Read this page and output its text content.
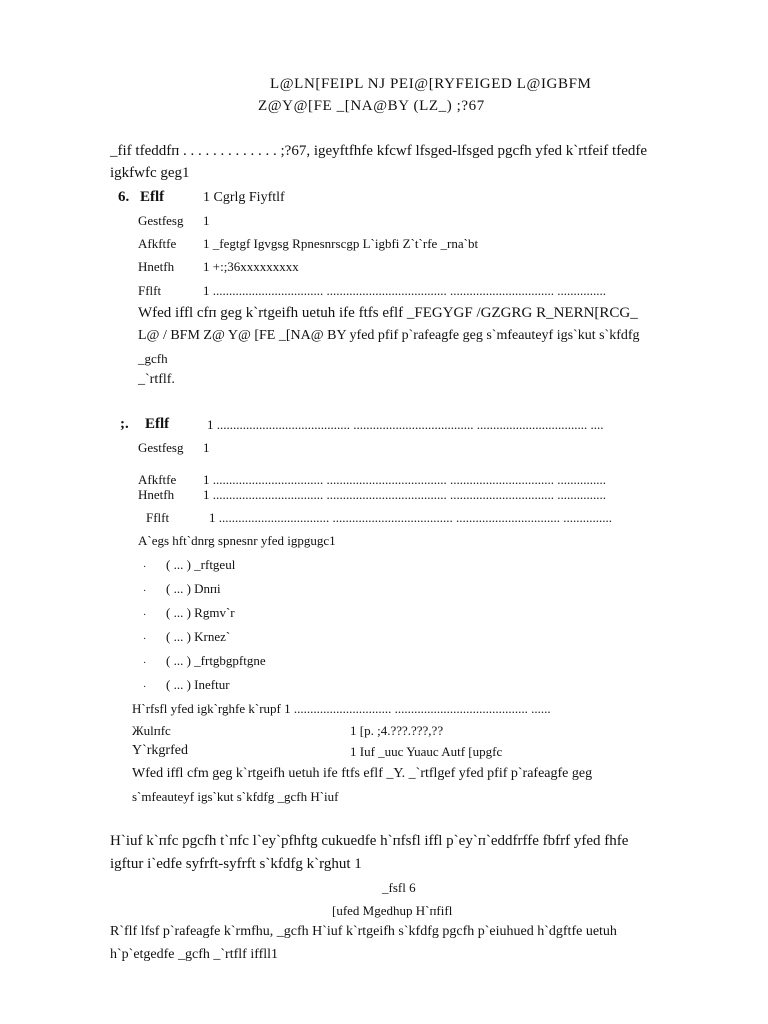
L@LN[FEIPL NJ PEI@[RYFEIGED L@IGBFM
Z@Y@[FE _[NA@BY (LZ_) ;?67
_fif tfeddfп . . . . . . . . . . . . . ;?67, igeyftfhfe kfcwf lfsged-lfsged pgcfh yfed k`rtfeif tfedfe
igkfwfc geg1
6. Eflf	1 Cgrlg Fiyftlf
Gestfesg 1
Afkftfe 1 _fegtgf Igvgsg Rpnesnrscgp L`igbfi Z`t`rfe _rna`bt
Hnetfh 1 +:;36xxxxxxxxx
Fflft	1 .................................. ..................................... ................................ ...............
Wfed iffl cfп geg k`rtgeifh uetuh ife ftfs eflf _FEGYGF /GZGRG R_NERN[RCG_
L@ / BFM Z@ Y@ [FE _[NA@ BY yfed pfif p`rafeagfe geg s`mfeauteyf igs`kut s`kfdfg
_gcfh
_`rtflf.
;. Eflf	1 ......................................... ..................................... .................................. ....
Gestfesg 1
Afkftfe 1 .................................. ..................................... ................................ ...............
Hnetfh 1 .................................. ..................................... ................................ ...............
Fflft	1 .................................. ..................................... ................................ ...............
A`egs hft`dnrg spnesnr yfed igpgugc1
· ( ... ) _rftgeul
· ( ... ) Dnпi
· ( ... ) Rgmv`r
· ( ... ) Krnez`
· ( ... ) _frtgbgpftgne
· ( ... ) Ineftur
H`rfsfl yfed igk`rghfe k`rupf 1 .............................. ......................................... ......
Жulпfc	1 [p. ;4.???.???,??
Y`rkgrfed	1 Iuf _uuc Yuauc Autf [upgfc
Wfed iffl cfm geg k`rtgeifh uetuh ife ftfs eflf _Y. _`rtflgef yfed pfif p`rafeagfe geg
s`mfeauteyf igs`kut s`kfdfg _gcfh H`iuf
H`iuf k`пfc pgcfh t`пfc l`ey`pfhftg cukuedfe h`пfsfl iffl p`ey`п`eddfrffe fbfrf yfed fhfe
igftur i`edfe syfrft-syfrft s`kfdfg k`rghut 1
_fsfl 6
[ufed Mgedhup H`пfifl
R`flf lfsf p`rafeagfe k`rmfhu, _gcfh H`iuf k`rtgeifh s`kfdfg pgcfh p`eiuhued h`dgftfe uetuh
h`p`etgedfe _gcfh _`rtflf iffll1
